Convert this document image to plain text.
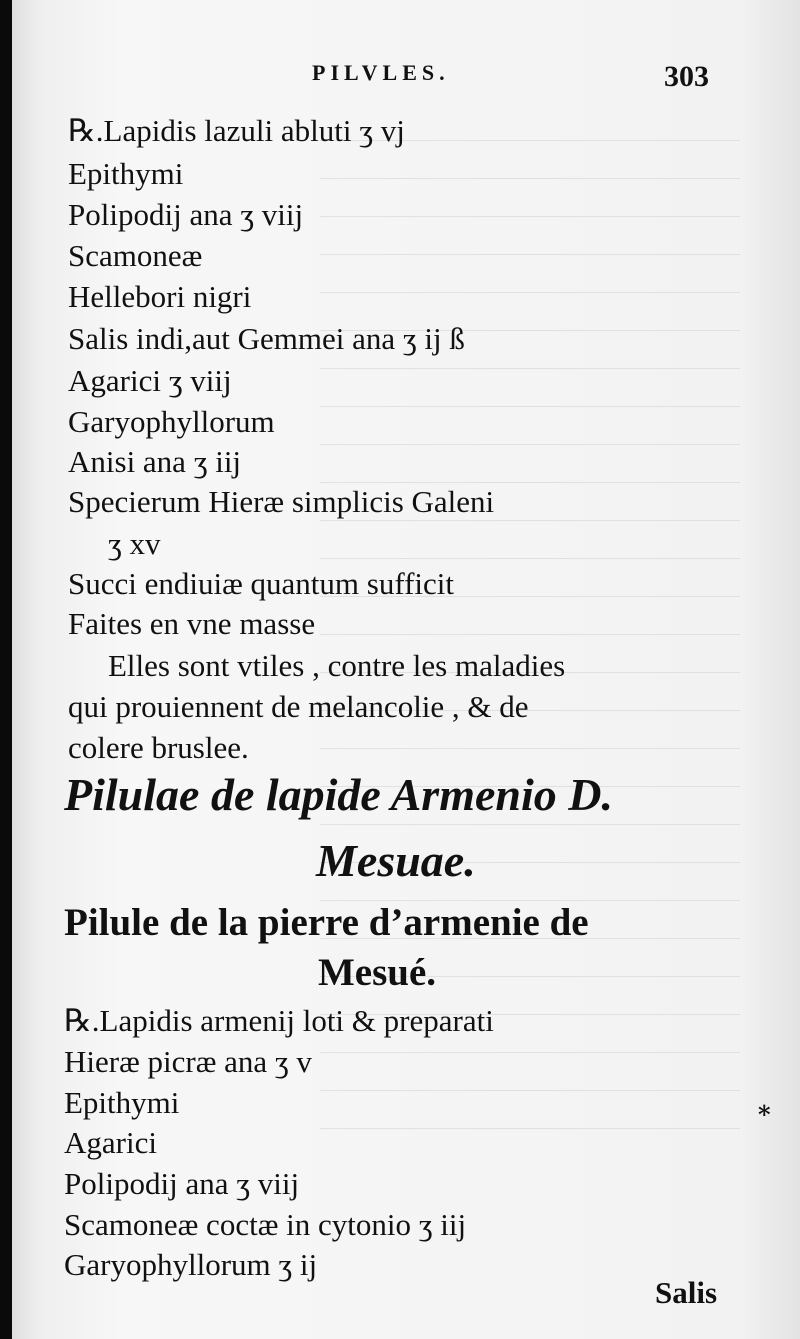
PILVLES.	303
℞.Lapidis lazuli abluti ʒ vj
Epithymi
Polipodij ana ʒ viij
Scamoneæ
Hellebori nigri
Salis indi,aut Gemmei ana ʒ ij ß
Agarici ʒ viij
Garyophyllorum
Anisi ana ʒ iij
Specierum Hieræ simplicis Galeni
ʒ xv
Succi endiuiæ quantum sufficit
Faites en vne masse
Elles sont vtiles , contre les maladies
qui prouiennent de melancolie , & de
colere bruslee.
Pilulae de lapide Armenio D.
Mesuae.
Pilule de la pierre d’armenie de
Mesué.
℞.Lapidis armenij loti & preparati
Hieræ picræ ana ʒ v
Epithymi
Agarici
Polipodij ana ʒ viij
Scamoneæ coctæ in cytonio ʒ iij
Garyophyllorum ʒ ij
*
Salis
